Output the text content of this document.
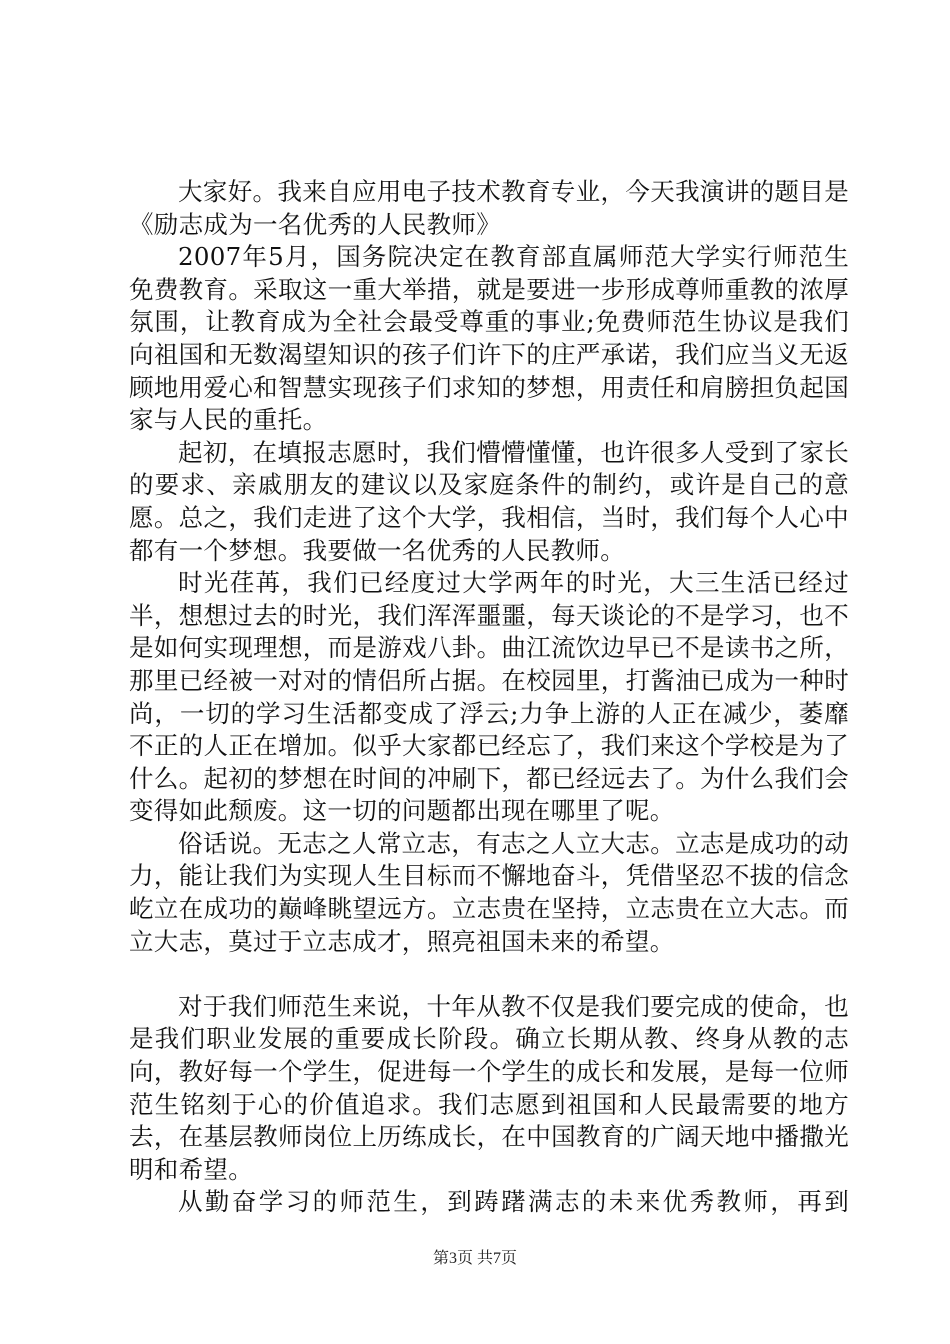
大家好。我来自应用电子技术教育专业，今天我演讲的题目是《励志成为一名优秀的人民教师》

2007年5月，国务院决定在教育部直属师范大学实行师范生免费教育。采取这一重大举措，就是要进一步形成尊师重教的浓厚氛围，让教育成为全社会最受尊重的事业;免费师范生协议是我们向祖国和无数渴望知识的孩子们许下的庄严承诺，我们应当义无返顾地用爱心和智慧实现孩子们求知的梦想，用责任和肩膀担负起国家与人民的重托。

起初，在填报志愿时，我们懵懵懂懂，也许很多人受到了家长的要求、亲戚朋友的建议以及家庭条件的制约，或许是自己的意愿。总之，我们走进了这个大学，我相信，当时，我们每个人心中都有一个梦想。我要做一名优秀的人民教师。

时光荏苒，我们已经度过大学两年的时光，大三生活已经过半，想想过去的时光，我们浑浑噩噩，每天谈论的不是学习，也不是如何实现理想，而是游戏八卦。曲江流饮边早已不是读书之所，那里已经被一对对的情侣所占据。在校园里，打酱油已成为一种时尚，一切的学习生活都变成了浮云;力争上游的人正在减少，萎靡不正的人正在增加。似乎大家都已经忘了，我们来这个学校是为了什么。起初的梦想在时间的冲刷下，都已经远去了。为什么我们会变得如此颓废。这一切的问题都出现在哪里了呢。

俗话说。无志之人常立志，有志之人立大志。立志是成功的动力，能让我们为实现人生目标而不懈地奋斗，凭借坚忍不拔的信念屹立在成功的巅峰眺望远方。立志贵在坚持，立志贵在立大志。而立大志，莫过于立志成才，照亮祖国未来的希望。

对于我们师范生来说，十年从教不仅是我们要完成的使命，也是我们职业发展的重要成长阶段。确立长期从教、终身从教的志向，教好每一个学生，促进每一个学生的成长和发展，是每一位师范生铭刻于心的价值追求。我们志愿到祖国和人民最需要的地方去，在基层教师岗位上历练成长，在中国教育的广阔天地中播撒光明和希望。

从勤奋学习的师范生，到踌躇满志的未来优秀教师，再到

第3页 共7页
